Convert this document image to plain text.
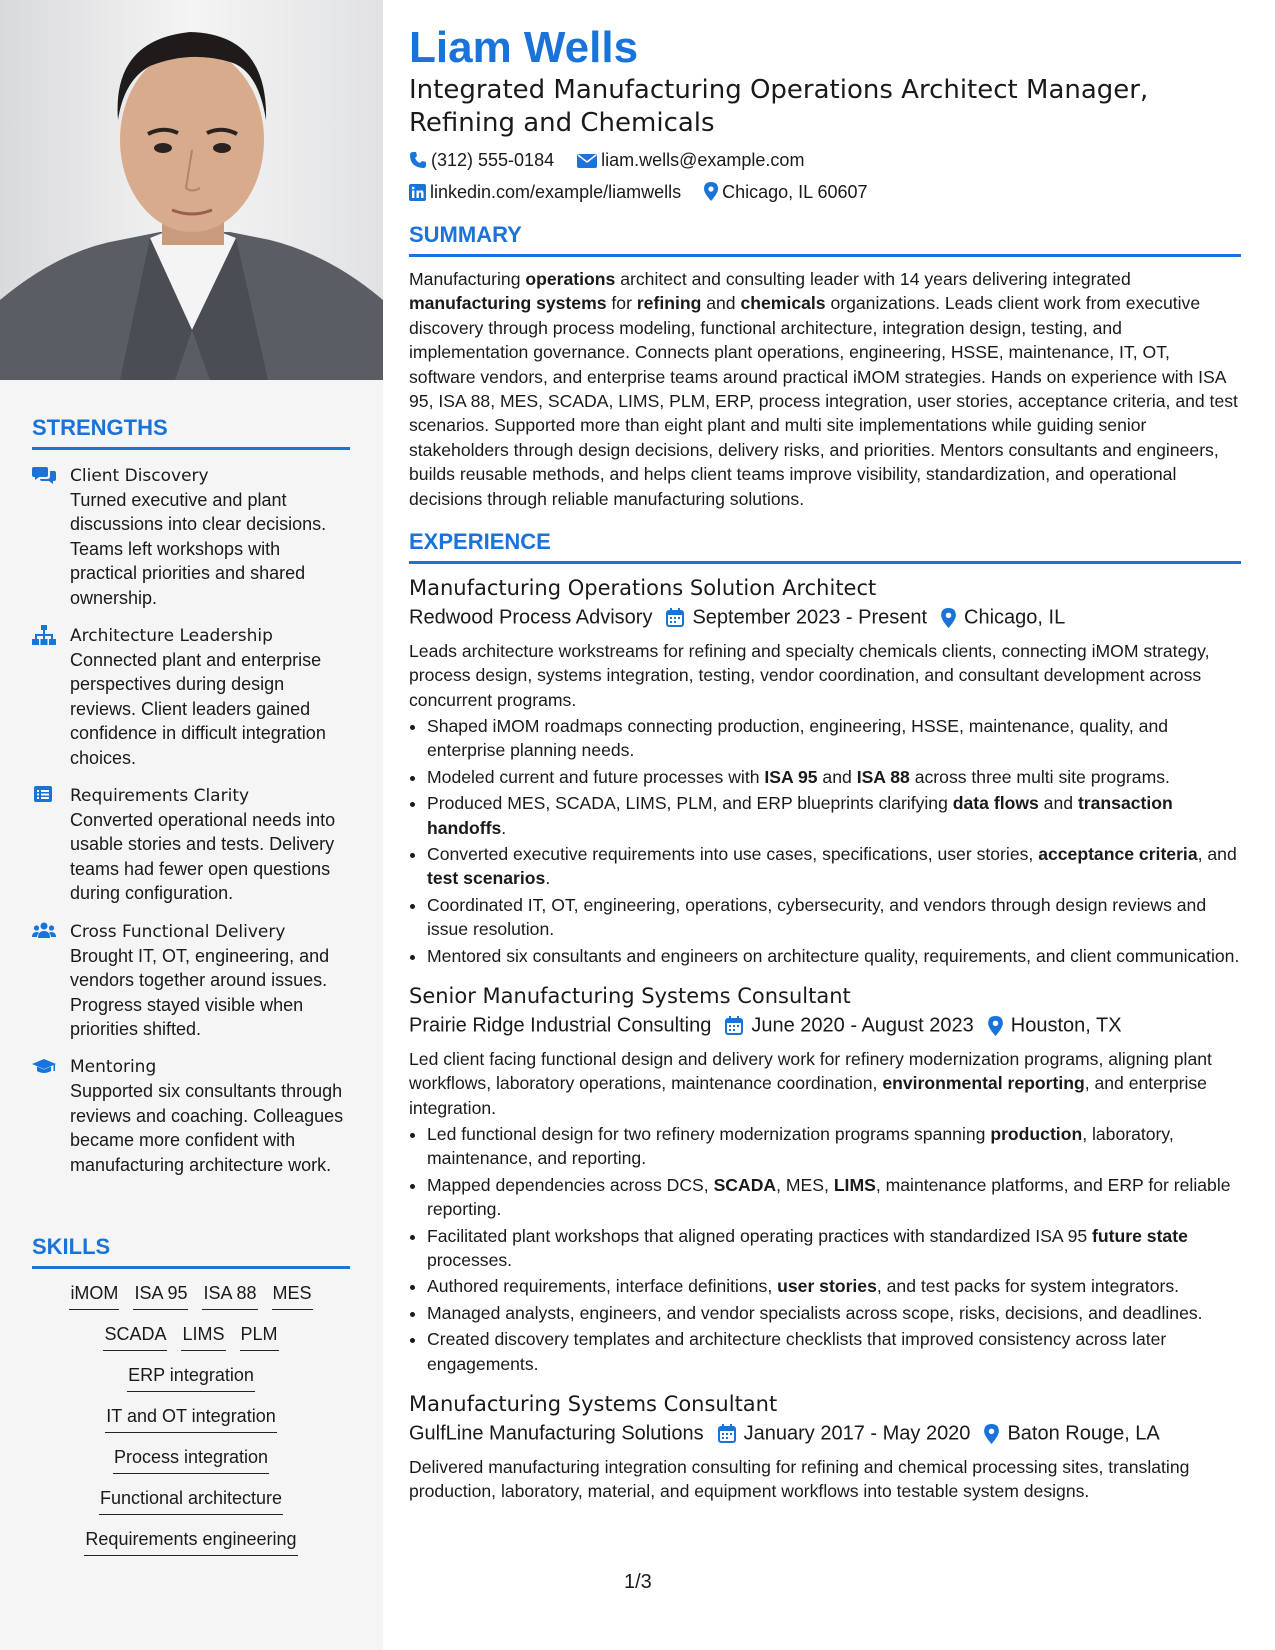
STRENGTHS
Client Discovery
Turned executive and plant discussions into clear decisions. Teams left workshops with practical priorities and shared ownership.
Architecture Leadership
Connected plant and enterprise perspectives during design reviews. Client leaders gained confidence in difficult integration choices.
Requirements Clarity
Converted operational needs into usable stories and tests. Delivery teams had fewer open questions during configuration.
Cross Functional Delivery
Brought IT, OT, engineering, and vendors together around issues. Progress stayed visible when priorities shifted.
Mentoring
Supported six consultants through reviews and coaching. Colleagues became more confident with manufacturing architecture work.
SKILLS
iMOM ISA 95 ISA 88 MES
SCADA LIMS PLM
ERP integration
IT and OT integration
Process integration
Functional architecture
Requirements engineering
Liam Wells
Integrated Manufacturing Operations Architect Manager, Refining and Chemicals
(312) 555-0184	liam.wells@example.com
linkedin.com/example/liamwells Chicago, IL 60607
SUMMARY
Manufacturing operations architect and consulting leader with 14 years delivering integrated manufacturing systems for refining and chemicals organizations. Leads client work from executive discovery through process modeling, functional architecture, integration design, testing, and implementation governance. Connects plant operations, engineering, HSSE, maintenance, IT, OT, software vendors, and enterprise teams around practical iMOM strategies. Hands on experience with ISA 95, ISA 88, MES, SCADA, LIMS, PLM, ERP, process integration, user stories, acceptance criteria, and test scenarios. Supported more than eight plant and multi site implementations while guiding senior stakeholders through design decisions, delivery risks, and priorities. Mentors consultants and engineers, builds reusable methods, and helps client teams improve visibility, standardization, and operational decisions through reliable manufacturing solutions.
EXPERIENCE
Manufacturing Operations Solution Architect
Redwood Process Advisory September 2023 - Present Chicago, IL
Leads architecture workstreams for refining and specialty chemicals clients, connecting iMOM strategy, process design, systems integration, testing, vendor coordination, and consultant development across concurrent programs.
• Shaped iMOM roadmaps connecting production, engineering, HSSE, maintenance, quality, and enterprise planning needs.
• Modeled current and future processes with ISA 95 and ISA 88 across three multi site programs.
• Produced MES, SCADA, LIMS, PLM, and ERP blueprints clarifying data flows and transaction handoffs.
• Converted executive requirements into use cases, specifications, user stories, acceptance criteria, and test scenarios.
• Coordinated IT, OT, engineering, operations, cybersecurity, and vendors through design reviews and issue resolution.
• Mentored six consultants and engineers on architecture quality, requirements, and client communication.
Senior Manufacturing Systems Consultant
Prairie Ridge Industrial Consulting June 2020 - August 2023 Houston, TX
Led client facing functional design and delivery work for refinery modernization programs, aligning plant workflows, laboratory operations, maintenance coordination, environmental reporting, and enterprise integration.
• Led functional design for two refinery modernization programs spanning production, laboratory, maintenance, and reporting.
• Mapped dependencies across DCS, SCADA, MES, LIMS, maintenance platforms, and ERP for reliable reporting.
• Facilitated plant workshops that aligned operating practices with standardized ISA 95 future state processes.
• Authored requirements, interface definitions, user stories, and test packs for system integrators.
• Managed analysts, engineers, and vendor specialists across scope, risks, decisions, and deadlines.
• Created discovery templates and architecture checklists that improved consistency across later engagements.
Manufacturing Systems Consultant
GulfLine Manufacturing Solutions January 2017 - May 2020 Baton Rouge, LA
Delivered manufacturing integration consulting for refining and chemical processing sites, translating production, laboratory, material, and equipment workflows into testable system designs.
1/3
